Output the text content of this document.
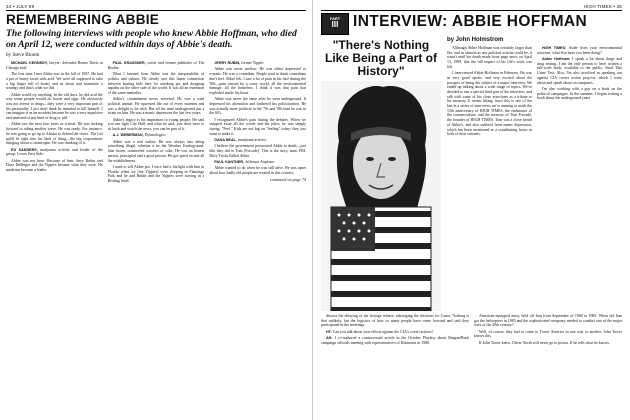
34 • JULY 89
REMEMBERING ABBIE
The following interviews with people who knew Abbie Hoffman, who died on April 12, were conducted within days of Abbie's death.
by Steve Bloom

MICHAEL KENNEDY, lawyer; defended Bernie Davis at Chicago trial:

The first time I met Abbie was in the fall of 1967. He had a pot of honey laced with acid. We were all supposed to take a big finger full of honey and sit down and formulate a strategy and that's what we did.

Abbie would try anything. In the old days, he did acid the way some people would do bacon and eggs. He obviously was not averse to drugs—they were a very important part of his personality. I just don't think he intended to kill himself. I can imagine it as an accident because he was a very impulsive and unafraid of any kind of drug or pill.

Abbie saw the next four years as critical. He was looking forward to riding another wave. He was ready. For instance, he was going to go up to Alaska to defend the otters. The [oil spill] fit right into his kind of thing—the big corporations bringing about a catastrophe. He was thinking of it.

ED SANDERS, marijuana activist and leader of the group, Lower East Side:

Abbie was my hero. Because of him, Jerry Rubin and Dave Dellinger and the Yippies became what they were. He made me become a leader.

PAUL KRASSNER, writer and former publisher of The Realist:

What I learned from Abbie was the inseparability of politics and culture. He clearly saw this linear connection between busting kids here for smoking pot and dropping napalm on the other side of the world. It was all an extension of the same mentality.

Abbie's commitment never wavered. He was a total political animal. He squeezed life out of every moment and was a delight to be with. But all his time underground put a strain on him. He was a manic depressive the last few years.

Abbie's legacy is his inspiration to young people. He said you can fight City Hall, and what he said, you don't have to sit back and watch the news, you can be part of it.

A.J. WEBERMAN, Dylanologist:

Abbie was a real outlaw. He was always into doing something illegal, whether it be the Weather Underground, blue boxes, counterfeit watches or coke. He was an honest person, principled and a good person. He got spied on and all the establishment.

I used to sell Abbie pot. I once had a fistfight with him in Florida when we [the Yippies] were sleeping in Flamingo Park and he and Rubin and the Yippies were staying in a Bealtug hotel.

JERRY RUBIN, former Yippie:

Abbie was never mellow. He was either depressed or ecstatic. He was a comedian. People tend to think comedians don't feel. Abbie felt. I saw a lot of pain in his face during the '80s—pain caused by a crazy world, all the environmental damage, all the homeless. I think it was that pain that exploded inside his heart.

Abbie was never the same after he went underground. It depressed his alienation and furthered his politicization. He was actually more political in the '70s and '80s than he was in the 60's.

I recognized Abbie's pain during the debates. When we stripped away all the words and the jokes, he was simply saying, "Feel." Kids are not big on "feeling" today; they just want to make it.

DANA BEAL, marijuana activist:

I believe the government persecuted Abbie to death—just like they did to Tom [Forcade]. This is the story, man. FBI, Dirty Tricks Killed Abbie.

PAUL KANTNER, Jefferson Airplane:

Abbie wanted to do when he was still alive. He was upset about how badly old people are treated in this country.

continued on page 74
HIGH TIMES • 35
PART
III INTERVIEW: ABBIE HOFFMAN
"There's Nothing Like Being a Part of History"
by John Holmstrom

Although Abbie Hoffman was certainly larger than life, and as famous as any political activist could be, it wasn't until his death made front page news on April 13, 1989, that the full impact of his life's work was felt.

I interviewed Abbie Hoffman in February. He was in very good spirits, and very excited about the prospect of being the subject of a major interview. We ended up talking about a wide range of topics. We've decided to run a special third part of the interview, and talk with some of his close associates as a tribute to his memory. It seems fitting, since this is one of the last in a series of interviews we're running to mark the 15th anniversary of HIGH TIMES, the endurance of the counterculture, and the memory of Tom Forcade, the founder of HIGH TIMES. Tom was a close friend of Abbie's, and also suffered from manic depression, which has been mentioned as a contributing factor in both of their suicides.

HIGH TIMES: Aside from your environmental activism, what else have you been doing?

Abbie Hoffman: I speak a lot about drugs and drug testing. I am the only person to have written a full-scale book, available to the public, Steal This Urine Test. Also, I'm also involved in speaking out against CIA covert action projects, which I write about and speak about on campuses.

I'm also working with a guy on a book on the political campaigns. In the summer, I began writing a book about the underground years.

discuss the delaying of the hostage release, sabotaging the elections for Carter. Nothing is that unlikely, but the logistics of how so many people have come forward and said they participated in the meetings.

HT: Can you talk about your efforts against the CIA's covert actions?

AH: I co-authored a controversial article in the October Playboy about Reagan/Bush campaign officials meeting with representatives of Khomeini in 1980.

American-equipped army, held off Iraq from September of 1980 to 1985. When old Iran got the helicopters in 1985 and the sophisticated weaponry needed to conduct one of the major wars of the 20th century?

Well, of course, they had to come to Tower America in one way or another. John Tower knows this.

If John Tower knew, Oliver North will never go to prison. If he tells what he knows.
